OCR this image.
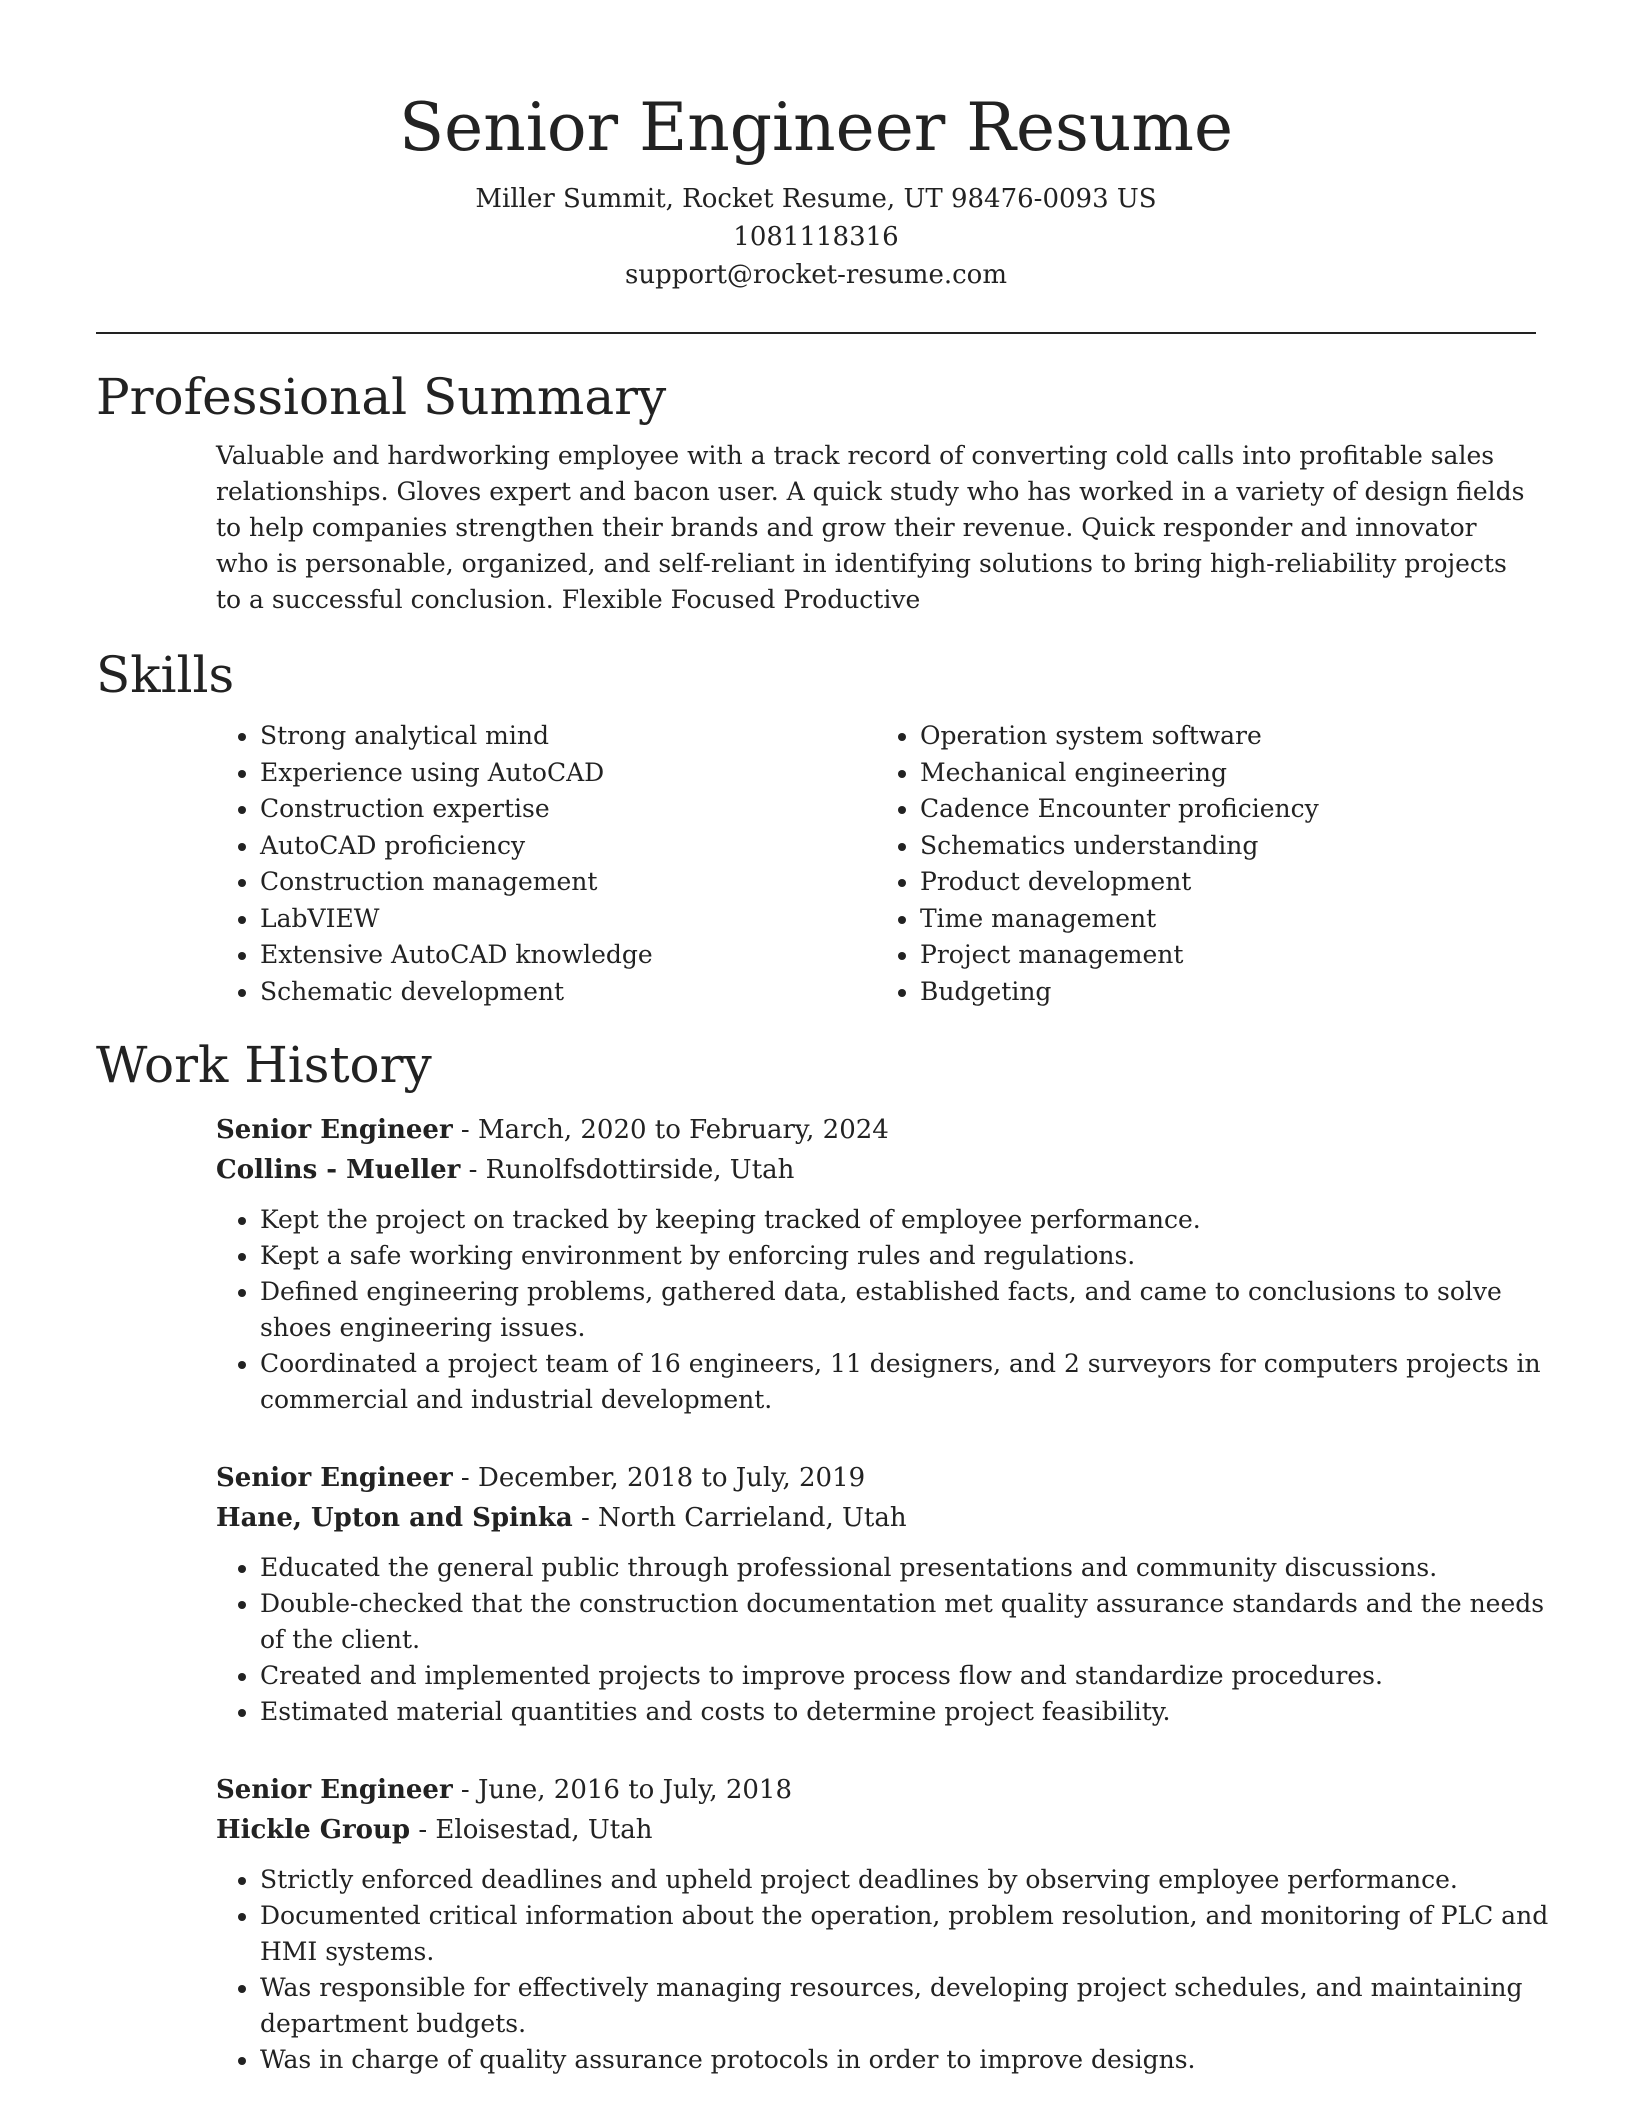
Senior Engineer Resume
Miller Summit, Rocket Resume, UT 98476-0093 US
1081118316
support@rocket-resume.com
Professional Summary

Valuable and hardworking employee with a track record of converting cold calls into profitable sales relationships. Gloves expert and bacon user. A quick study who has worked in a variety of design fields to help companies strengthen their brands and grow their revenue. Quick responder and innovator who is personable, organized, and self-reliant in identifying solutions to bring high-reliability projects to a successful conclusion. Flexible Focused Productive

Skills
• Strong analytical mind
• Experience using AutoCAD
• Construction expertise
• AutoCAD proficiency
• Construction management
• LabVIEW
• Extensive AutoCAD knowledge
• Schematic development
• Operation system software
• Mechanical engineering
• Cadence Encounter proficiency
• Schematics understanding
• Product development
• Time management
• Project management
• Budgeting
Work History
Senior Engineer - March, 2020 to February, 2024
Collins - Mueller - Runolfsdottirside, Utah
• Kept the project on tracked by keeping tracked of employee performance.
• Kept a safe working environment by enforcing rules and regulations.
• Defined engineering problems, gathered data, established facts, and came to conclusions to solve shoes engineering issues.
• Coordinated a project team of 16 engineers, 11 designers, and 2 surveyors for computers projects in commercial and industrial development.
Senior Engineer - December, 2018 to July, 2019
Hane, Upton and Spinka - North Carrieland, Utah
• Educated the general public through professional presentations and community discussions.
• Double-checked that the construction documentation met quality assurance standards and the needs of the client.
• Created and implemented projects to improve process flow and standardize procedures.
• Estimated material quantities and costs to determine project feasibility.
Senior Engineer - June, 2016 to July, 2018
Hickle Group - Eloisestad, Utah
• Strictly enforced deadlines and upheld project deadlines by observing employee performance.
• Documented critical information about the operation, problem resolution, and monitoring of PLC and HMI systems.
• Was responsible for effectively managing resources, developing project schedules, and maintaining department budgets.
• Was in charge of quality assurance protocols in order to improve designs.
